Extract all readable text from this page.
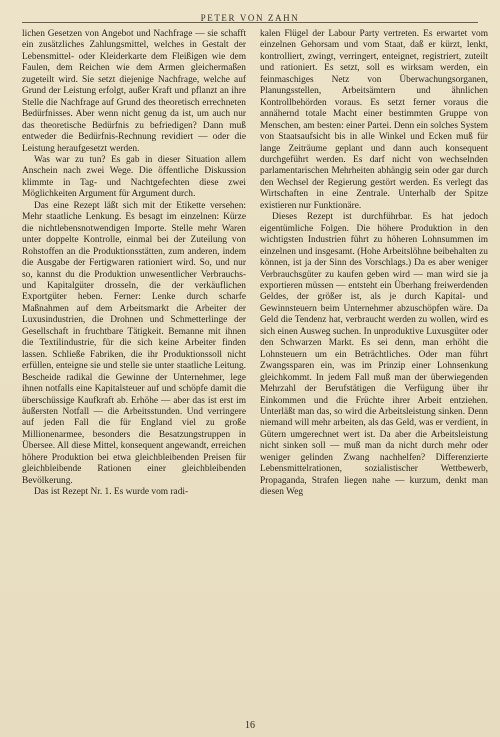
PETER VON ZAHN

lichen Gesetzen von Angebot und Nachfrage — sie schafft ein zusätzliches Zahlungsmittel, welches in Gestalt der Lebensmittel- oder Kleiderkarte dem Fleißigen wie dem Faulen, dem Reichen wie dem Armen gleichermaßen zugeteilt wird. Sie setzt diejenige Nachfrage, welche auf Grund der Leistung erfolgt, außer Kraft und pflanzt an ihre Stelle die Nachfrage auf Grund des theoretisch errechneten Bedürfnisses. Aber wenn nicht genug da ist, um auch nur das theoretische Bedürfnis zu befriedigen? Dann muß entweder die Bedürfnis-Rechnung revidiert — oder die Leistung heraufgesetzt werden.

Was war zu tun? Es gab in dieser Situation allem Anschein nach zwei Wege. Die öffentliche Diskussion klimmte in Tag- und Nachtgefechten diese zwei Möglichkeiten Argument für Argument durch.

Das eine Rezept läßt sich mit der Etikette versehen: Mehr staatliche Lenkung. Es besagt im einzelnen: Kürze die nichtlebensnotwendigen Importe. Stelle mehr Waren unter doppelte Kontrolle, einmal bei der Zuteilung von Rohstoffen an die Produktionsstätten, zum anderen, indem die Ausgabe der Fertigwaren rationiert wird. So, und nur so, kannst du die Produktion unwesentlicher Verbrauchs- und Kapitalgüter drosseln, die der verkäuflichen Exportgüter heben. Ferner: Lenke durch scharfe Maßnahmen auf dem Arbeitsmarkt die Arbeiter der Luxusindustrien, die Drohnen und Schmetterlinge der Gesellschaft in fruchtbare Tätigkeit. Bemanne mit ihnen die Textilindustrie, für die sich keine Arbeiter finden lassen. Schließe Fabriken, die ihr Produktionssoll nicht erfüllen, enteigne sie und stelle sie unter staatliche Leitung. Bescheide radikal die Gewinne der Unternehmer, lege ihnen notfalls eine Kapitalsteuer auf und schöpfe damit die überschüssige Kaufkraft ab. Erhöhe — aber das ist erst im äußersten Notfall — die Arbeitsstunden. Und verringere auf jeden Fall die für England viel zu große Millionenarmee, besonders die Besatzungstruppen in Übersee. All diese Mittel, konsequent angewandt, erreichen höhere Produktion bei etwa gleichbleibenden Preisen für gleichbleibende Rationen einer gleichbleibenden Bevölkerung.

Das ist Rezept Nr. 1. Es wurde vom radi-

kalen Flügel der Labour Party vertreten. Es erwartet vom einzelnen Gehorsam und vom Staat, daß er kürzt, lenkt, kontrolliert, zwingt, verringert, enteignet, registriert, zuteilt und rationiert. Es setzt, soll es wirksam werden, ein feinmaschiges Netz von Überwachungsorganen, Planungsstellen, Arbeitsämtern und ähnlichen Kontrollbehörden voraus. Es setzt ferner voraus die annähernd totale Macht einer bestimmten Gruppe von Menschen, am besten: einer Partei. Denn ein solches System von Staatsaufsicht bis in alle Winkel und Ecken muß für lange Zeiträume geplant und dann auch konsequent durchgeführt werden. Es darf nicht von wechselnden parlamentarischen Mehrheiten abhängig sein oder gar durch den Wechsel der Regierung gestört werden. Es verlegt das Wirtschaften in eine Zentrale. Unterhalb der Spitze existieren nur Funktionäre.

Dieses Rezept ist durchführbar. Es hat jedoch eigentümliche Folgen. Die höhere Produktion in den wichtigsten Industrien führt zu höheren Lohnsummen im einzelnen und insgesamt. (Hohe Arbeitslöhne beibehalten zu können, ist ja der Sinn des Vorschlags.) Da es aber weniger Verbrauchsgüter zu kaufen geben wird — man wird sie ja exportieren müssen — entsteht ein Überhang freiwerdenden Geldes, der größer ist, als je durch Kapital- und Gewinnsteuern beim Unternehmer abzuschöpfen wäre. Da Geld die Tendenz hat, verbraucht werden zu wollen, wird es sich einen Ausweg suchen. In unproduktive Luxusgüter oder den Schwarzen Markt. Es sei denn, man erhöht die Lohnsteuern um ein Beträchtliches. Oder man führt Zwangssparen ein, was im Prinzip einer Lohnsenkung gleichkommt. In jedem Fall muß man der überwiegenden Mehrzahl der Berufstätigen die Verfügung über ihr Einkommen und die Früchte ihrer Arbeit entziehen. Unterläßt man das, so wird die Arbeitsleistung sinken. Denn niemand will mehr arbeiten, als das Geld, was er verdient, in Gütern umgerechnet wert ist. Da aber die Arbeitsleistung nicht sinken soll — muß man da nicht durch mehr oder weniger gelinden Zwang nachhelfen? Differenzierte Lebensmittelrationen, sozialistischer Wettbewerb, Propaganda, Strafen liegen nahe — kurzum, denkt man diesen Weg

16
